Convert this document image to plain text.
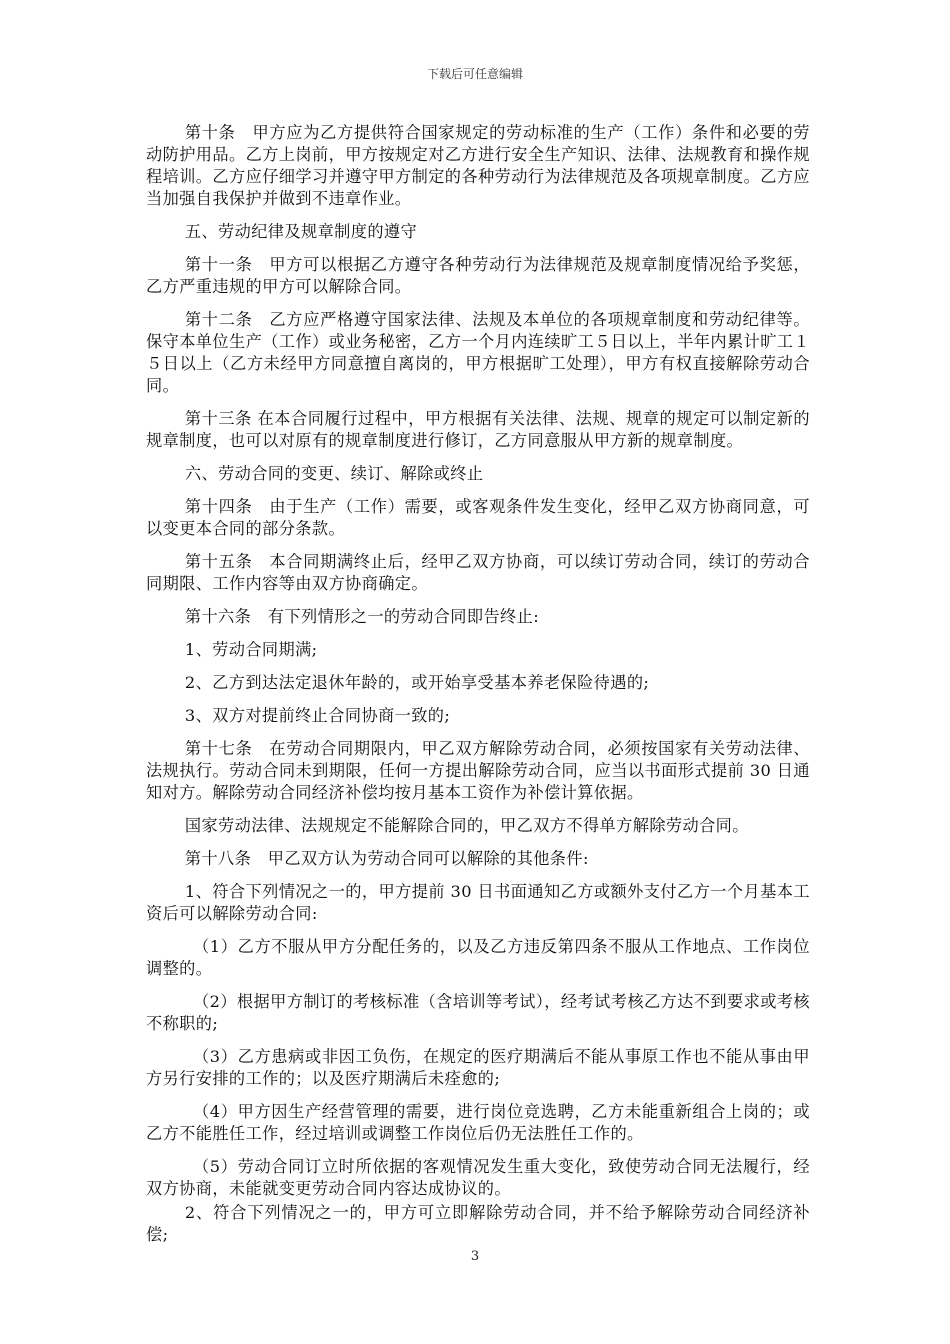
下载后可任意编辑

第十条　甲方应为乙方提供符合国家规定的劳动标准的生产（工作）条件和必要的劳动防护用品。乙方上岗前，甲方按规定对乙方进行安全生产知识、法律、法规教育和操作规程培训。乙方应仔细学习并遵守甲方制定的各种劳动行为法律规范及各项规章制度。乙方应当加强自我保护并做到不违章作业。

五、劳动纪律及规章制度的遵守

第十一条　甲方可以根据乙方遵守各种劳动行为法律规范及规章制度情况给予奖惩，乙方严重违规的甲方可以解除合同。

第十二条　乙方应严格遵守国家法律、法规及本单位的各项规章制度和劳动纪律等。保守本单位生产（工作）或业务秘密，乙方一个月内连续旷工５日以上，半年内累计旷工１５日以上（乙方未经甲方同意擅自离岗的，甲方根据旷工处理），甲方有权直接解除劳动合同。

第十三条 在本合同履行过程中，甲方根据有关法律、法规、规章的规定可以制定新的规章制度，也可以对原有的规章制度进行修订，乙方同意服从甲方新的规章制度。

六、劳动合同的变更、续订、解除或终止

第十四条　由于生产（工作）需要，或客观条件发生变化，经甲乙双方协商同意，可以变更本合同的部分条款。

第十五条　本合同期满终止后，经甲乙双方协商，可以续订劳动合同，续订的劳动合同期限、工作内容等由双方协商确定。

第十六条　有下列情形之一的劳动合同即告终止:

1、劳动合同期满;

2、乙方到达法定退休年龄的，或开始享受基本养老保险待遇的;

3、双方对提前终止合同协商一致的;

第十七条　在劳动合同期限内，甲乙双方解除劳动合同，必须按国家有关劳动法律、法规执行。劳动合同未到期限，任何一方提出解除劳动合同，应当以书面形式提前 30 日通知对方。解除劳动合同经济补偿均按月基本工资作为补偿计算依据。

国家劳动法律、法规规定不能解除合同的，甲乙双方不得单方解除劳动合同。

第十八条　甲乙双方认为劳动合同可以解除的其他条件:

1、符合下列情况之一的，甲方提前 30 日书面通知乙方或额外支付乙方一个月基本工资后可以解除劳动合同:

（1）乙方不服从甲方分配任务的，以及乙方违反第四条不服从工作地点、工作岗位调整的。

（2）根据甲方制订的考核标准（含培训等考试），经考试考核乙方达不到要求或考核不称职的;

（3）乙方患病或非因工负伤，在规定的医疗期满后不能从事原工作也不能从事由甲方另行安排的工作的；以及医疗期满后未痊愈的;

（4）甲方因生产经营管理的需要，进行岗位竞选聘，乙方未能重新组合上岗的；或乙方不能胜任工作，经过培训或调整工作岗位后仍无法胜任工作的。

（5）劳动合同订立时所依据的客观情况发生重大变化，致使劳动合同无法履行，经双方协商，未能就变更劳动合同内容达成协议的。

2、符合下列情况之一的，甲方可立即解除劳动合同，并不给予解除劳动合同经济补偿;

3
